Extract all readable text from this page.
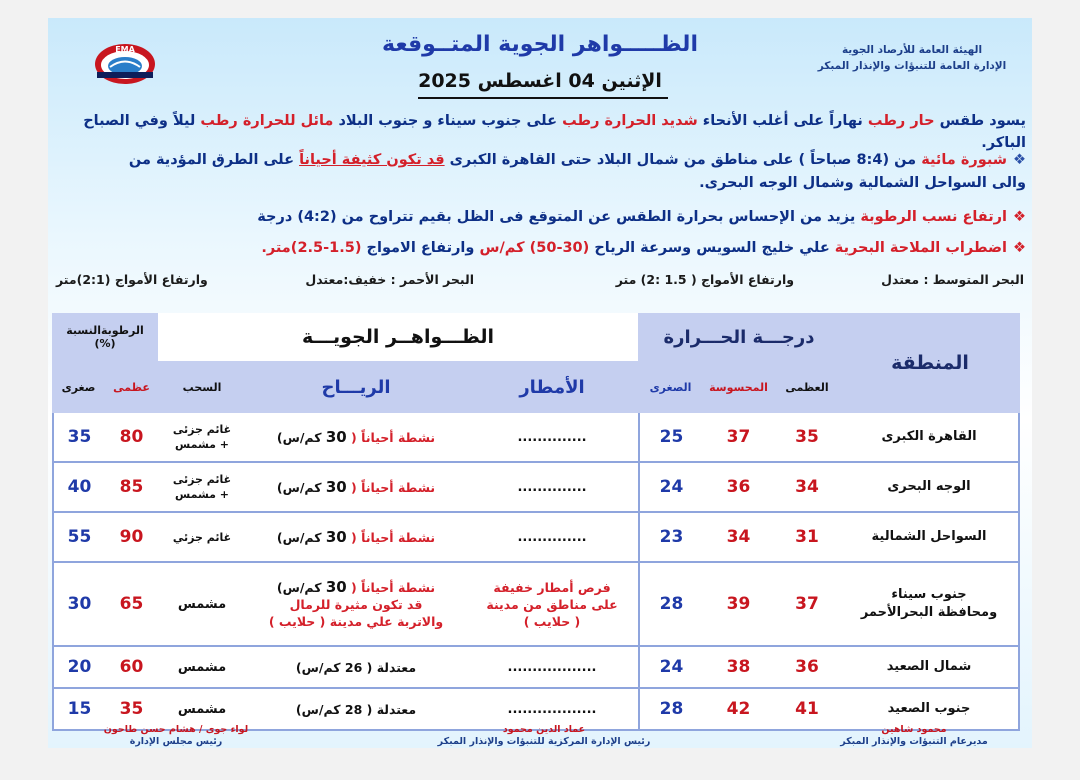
الهيئة العامة للأرصاد الجوية
الإدارة العامة للتنبؤات والإنذار المبكر
EMA	الظـــــواهر الجوية المتــوقعة
الإثنين 04 اغسطس 2025
يسود طقس حار رطب نهاراً على أغلب الأنحاء شديد الحرارة رطب على جنوب سيناء و جنوب البلاد مائل للحرارة رطب ليلاً وفي الصباح الباكر.
❖شبورة مائية من (8:4 صباحاً ) على مناطق من شمال البلاد حتى القاهرة الكبرى قد تكون كثيفة أحياناً على الطرق المؤدية من
والى السواحل الشمالية وشمال الوجه البحرى.
❖ارتفاع نسب الرطوبة يزيد من الإحساس بحرارة الطقس عن المتوقع فى الظل بقيم تتراوح من (4:2) درجة
❖اضطراب الملاحة البحرية علي خليج السويس وسرعة الرياح (30-50) كم/س وارتفاع الامواج (1.5-2.5)متر.
البحر المتوسط : معتدل
وارتفاع الأمواج ( 1.5 :2) متر
البحر الأحمر : خفيف:معتدل
وارتفاع الأمواج (2:1)متر
المنطقة
درجـــة الحـــرارة
العظمى
المحسوسة
الصغرى
الظـــواهــر الجويـــة
الأمطار
الريـــاح
السحب
الرطوبةالنسبة
(%)
عظمى
صغرى
القاهرة الكبرى
35
37
25
..............
نشطة أحياناً ( 30 كم/س)
غائم جزئى
+ مشمس
80
35
الوجه البحرى
34
36
24
..............
نشطة أحياناً ( 30 كم/س)
غائم جزئى
+ مشمس
85
40
السواحل الشمالية
31
34
23
..............
نشطة أحياناً ( 30 كم/س)
غائم جزئي
90
55
جنوب سيناء
ومحافظة البحرالأحمر
37
39
28
فرص أمطار خفيفة
على مناطق من مدينة
( حلايب )
نشطة أحياناً ( 30 كم/س)
قد تكون مثيرة للرمال
والاتربة علي مدينة ( حلايب )
مشمس
65
30
شمال الصعيد
36
38
24
..................
معتدلة ( 26 كم/س)
مشمس
60
20
جنوب الصعيد
41
42
28
..................
معتدلة ( 28 كم/س)
مشمس
35
15
محمود شاهين
مديرعام التنبؤات والإنذار المبكر
عماد الدين محمود
رئيس الإدارة المركزية للتنبؤات والإنذار المبكر
لواء جوى / هشام حسن طاحون
رئيس مجلس الإدارة
